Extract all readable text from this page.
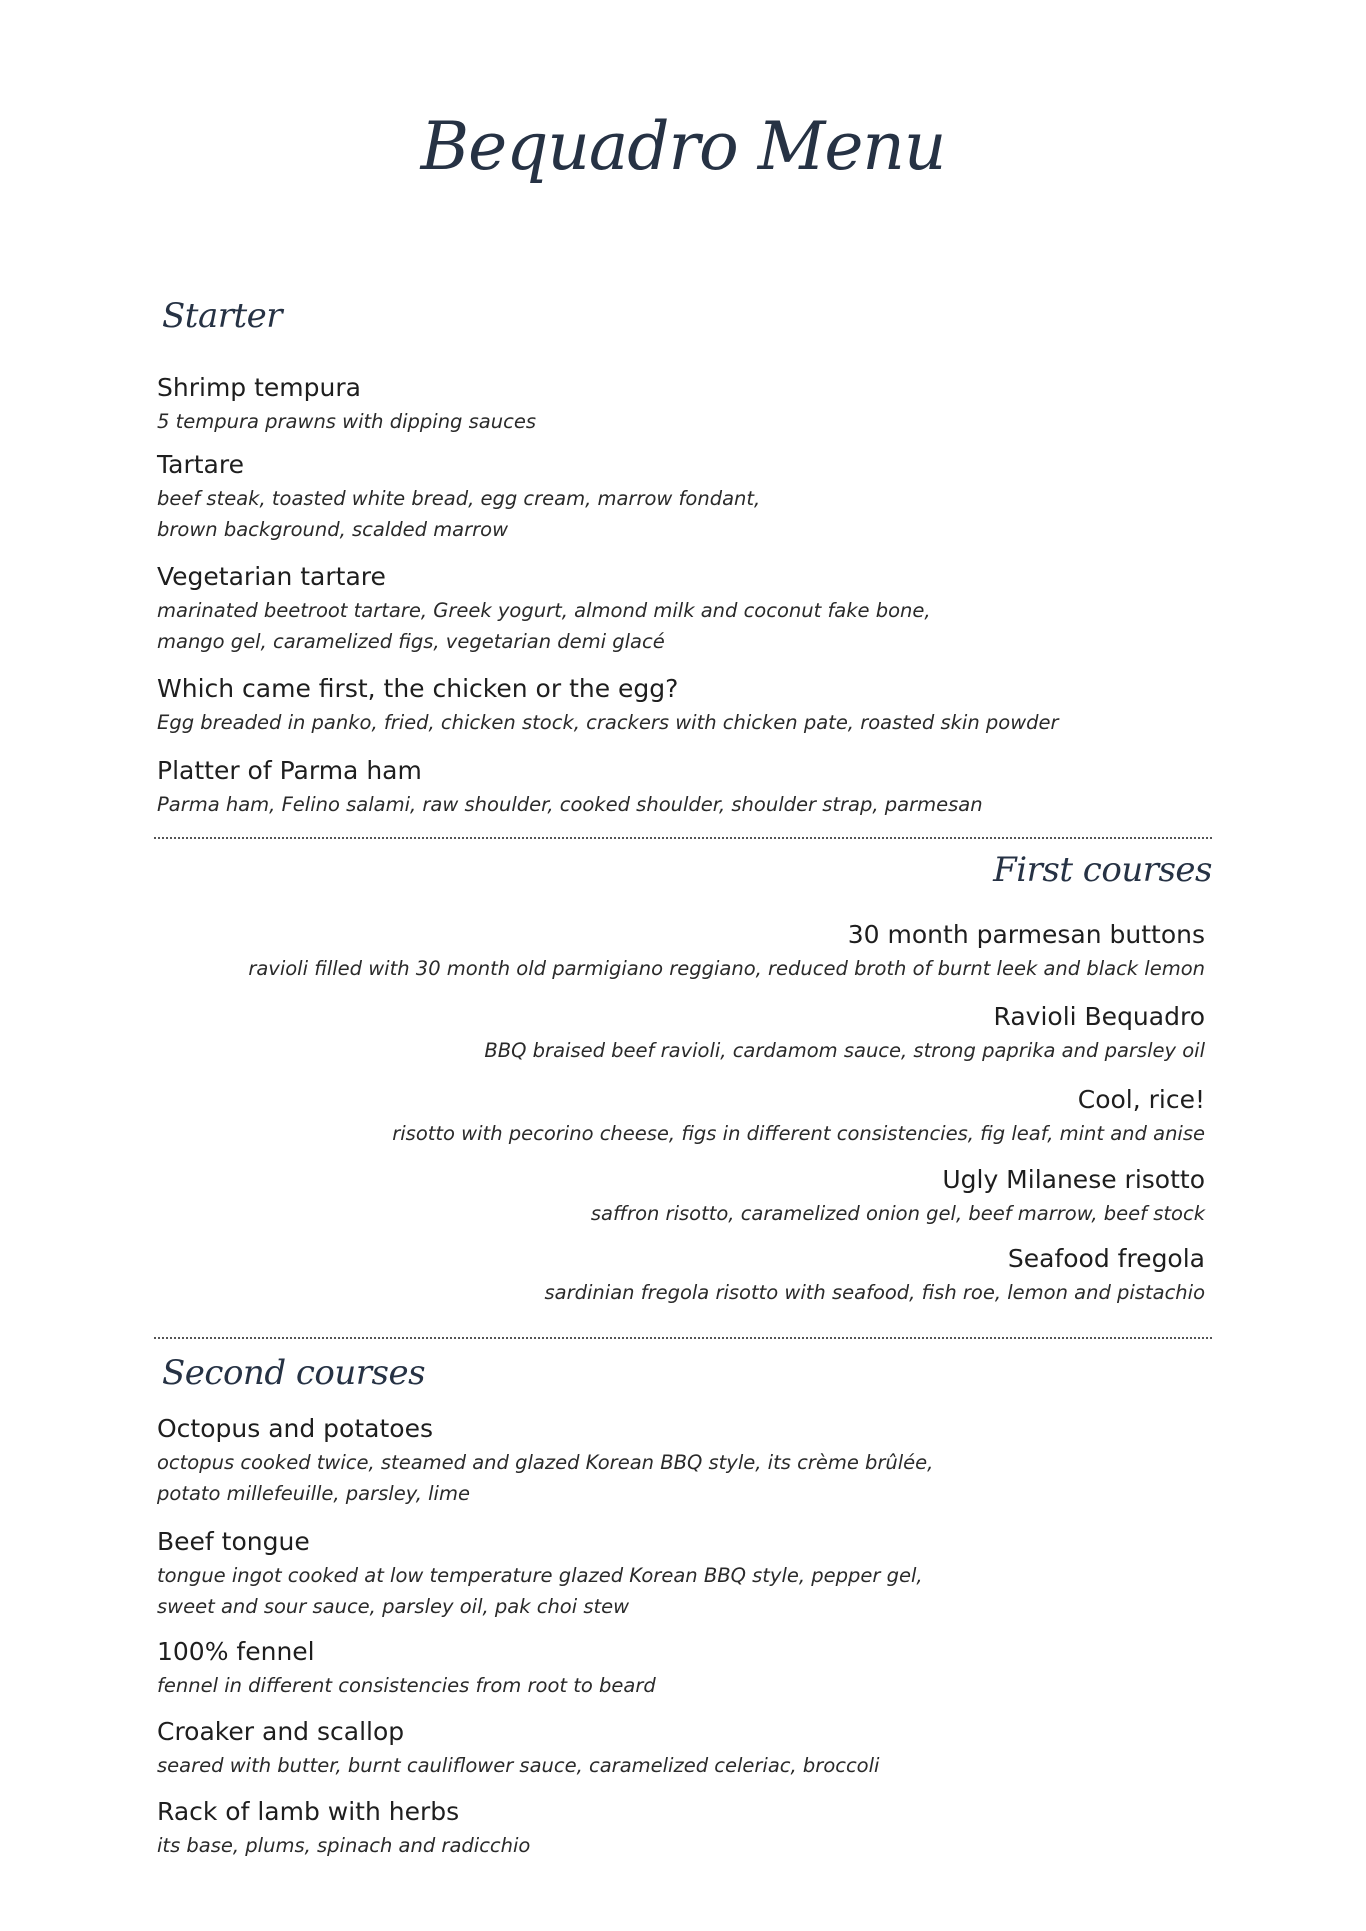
Bequadro Menu
Starter
Shrimp tempura
5 tempura prawns with dipping sauces
Tartare
beef steak, toasted white bread, egg cream, marrow fondant,
brown background, scalded marrow
Vegetarian tartare
marinated beetroot tartare, Greek yogurt, almond milk and coconut fake bone,
mango gel, caramelized figs, vegetarian demi glacé
Which came first, the chicken or the egg?
Egg breaded in panko, fried, chicken stock, crackers with chicken pate, roasted skin powder
Platter of Parma ham
Parma ham, Felino salami, raw shoulder, cooked shoulder, shoulder strap, parmesan
First courses
30 month parmesan buttons
ravioli filled with 30 month old parmigiano reggiano, reduced broth of burnt leek and black lemon
Ravioli Bequadro
BBQ braised beef ravioli, cardamom sauce, strong paprika and parsley oil
Cool, rice!
risotto with pecorino cheese, figs in different consistencies, fig leaf, mint and anise
Ugly Milanese risotto
saffron risotto, caramelized onion gel, beef marrow, beef stock
Seafood fregola
sardinian fregola risotto with seafood, fish roe, lemon and pistachio
Second courses
Octopus and potatoes
octopus cooked twice, steamed and glazed Korean BBQ style, its crème brûlée,
potato millefeuille, parsley, lime
Beef tongue
tongue ingot cooked at low temperature glazed Korean BBQ style, pepper gel,
sweet and sour sauce, parsley oil, pak choi stew
100% fennel
fennel in different consistencies from root to beard
Croaker and scallop
seared with butter, burnt cauliflower sauce, caramelized celeriac, broccoli
Rack of lamb with herbs
its base, plums, spinach and radicchio
